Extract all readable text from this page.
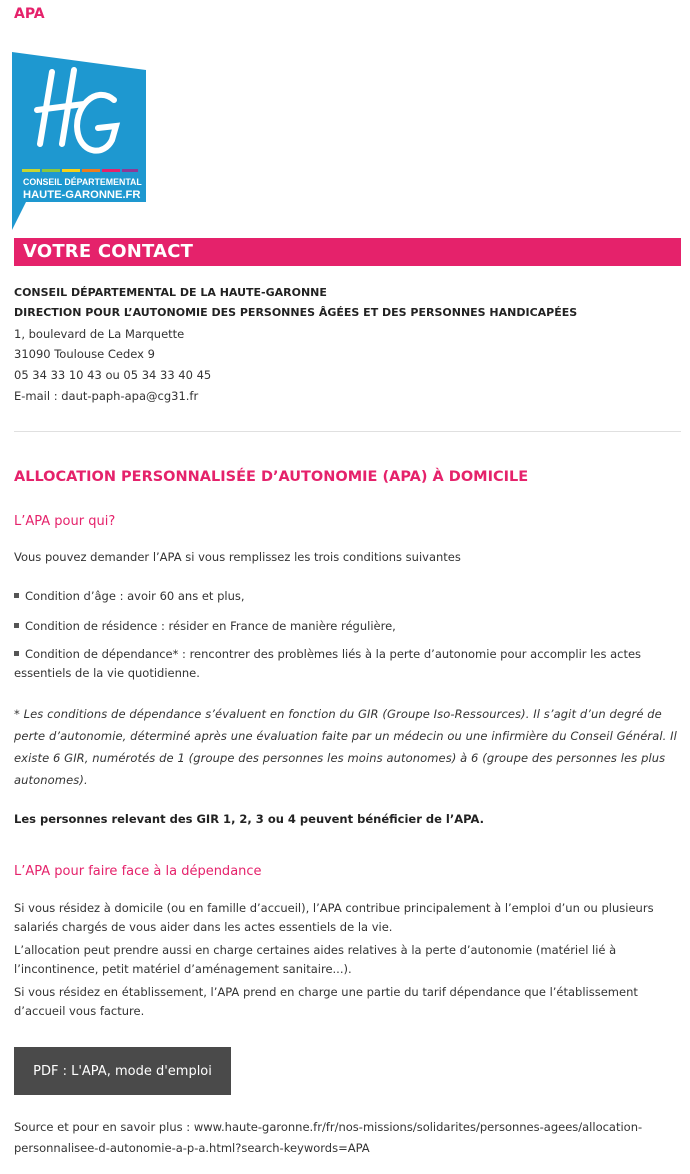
APA
CONSEIL DÉPARTEMENTAL
HAUTE-GARONNE.FR
VOTRE CONTACT
CONSEIL DÉPARTEMENTAL DE LA HAUTE-GARONNE
DIRECTION POUR L’AUTONOMIE DES PERSONNES ÂGÉES ET DES PERSONNES HANDICAPÉES
1, boulevard de La Marquette
31090 Toulouse Cedex 9
05 34 33 10 43 ou 05 34 33 40 45
E-mail : daut-paph-apa@cg31.fr
ALLOCATION PERSONNALISÉE D’AUTONOMIE (APA) À DOMICILE
L’APA pour qui?
Vous pouvez demander l’APA si vous remplissez les trois conditions suivantes
Condition d’âge : avoir 60 ans et plus,
Condition de résidence : résider en France de manière régulière,
Condition de dépendance* : rencontrer des problèmes liés à la perte d’autonomie pour accomplir les actes essentiels de la vie quotidienne.
* Les conditions de dépendance s’évaluent en fonction du GIR (Groupe Iso-Ressources). Il s’agit d’un degré de perte d’autonomie, déterminé après une évaluation faite par un médecin ou une infirmière du Conseil Général. Il existe 6 GIR, numérotés de 1 (groupe des personnes les moins autonomes) à 6 (groupe des personnes les plus autonomes).
Les personnes relevant des GIR 1, 2, 3 ou 4 peuvent bénéficier de l’APA.
L’APA pour faire face à la dépendance
Si vous résidez à domicile (ou en famille d’accueil), l’APA contribue principalement à l’emploi d’un ou plusieurs salariés chargés de vous aider dans les actes essentiels de la vie.
L’allocation peut prendre aussi en charge certaines aides relatives à la perte d’autonomie (matériel lié à l’incontinence, petit matériel d’aménagement sanitaire...).
Si vous résidez en établissement, l’APA prend en charge une partie du tarif dépendance que l’établissement d’accueil vous facture.
PDF : L'APA, mode d'emploi
Source et pour en savoir plus : www.haute-garonne.fr/fr/nos-missions/solidarites/personnes-agees/allocation-personnalisee-d-autonomie-a-p-a.html?search-keywords=APA
